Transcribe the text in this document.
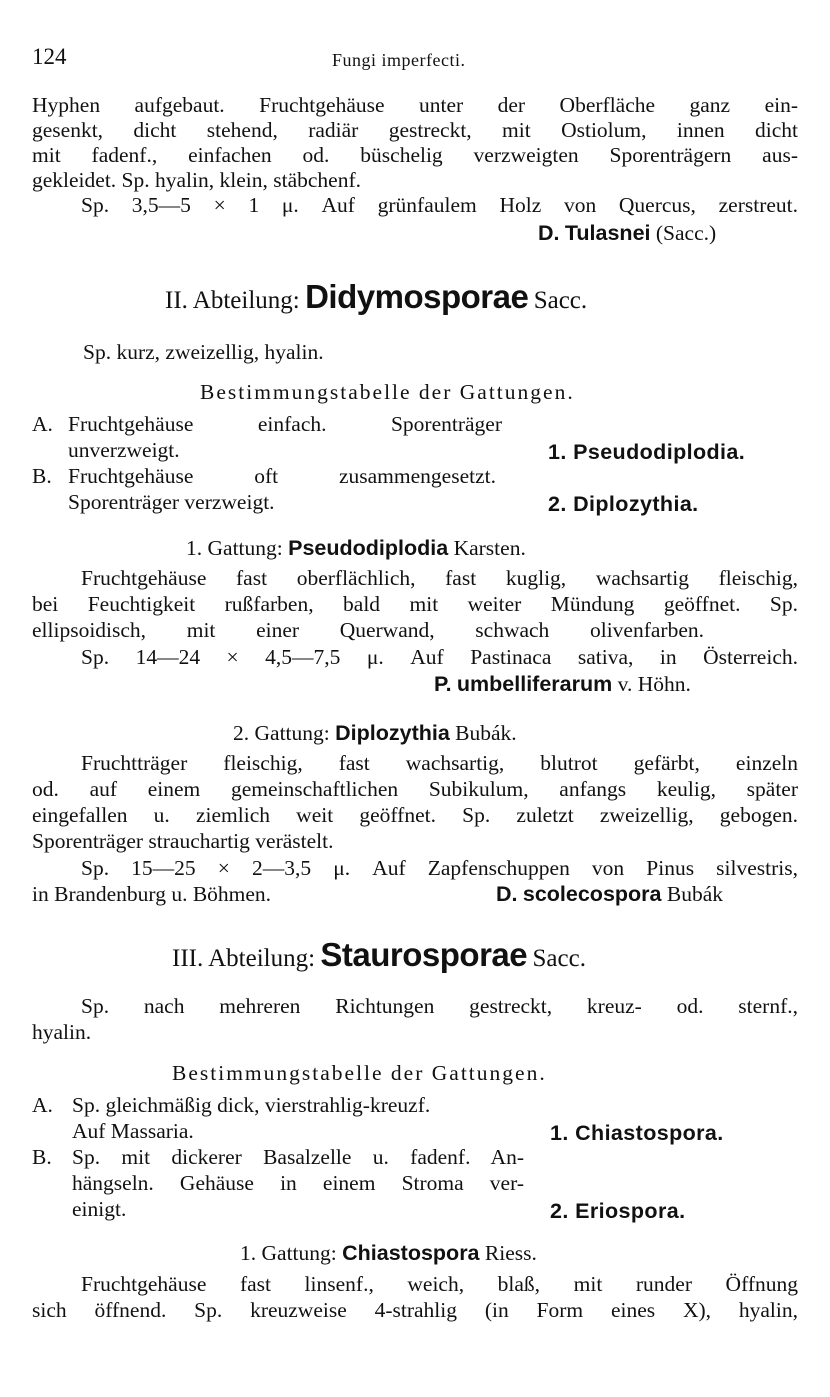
124	Fungi imperfecti.
Hyphen aufgebaut. Fruchtgehäuse unter der Oberfläche ganz ein-
gesenkt, dicht stehend, radiär gestreckt, mit Ostiolum, innen dicht
mit fadenf., einfachen od. büschelig verzweigten Sporenträgern aus-
gekleidet. Sp. hyalin, klein, stäbchenf.
Sp. 3,5—5 × 1 μ. Auf grünfaulem Holz von Quercus, zerstreut.
D. Tulasnei (Sacc.)
II. Abteilung: Didymosporae Sacc.
Sp. kurz, zweizellig, hyalin.
Bestimmungstabelle der Gattungen.
A. Fruchtgehäuse einfach. Sporenträger
unverzweigt.	1. Pseudodiplodia.
B. Fruchtgehäuse oft zusammengesetzt.
Sporenträger verzweigt.	2. Diplozythia.
1. Gattung: Pseudodiplodia Karsten.
Fruchtgehäuse fast oberflächlich, fast kuglig, wachsartig fleischig,
bei Feuchtigkeit rußfarben, bald mit weiter Mündung geöffnet. Sp.
ellipsoidisch, mit einer Querwand, schwach olivenfarben.
Sp. 14—24 × 4,5—7,5 μ. Auf Pastinaca sativa, in Österreich.
P. umbelliferarum v. Höhn.
2. Gattung: Diplozythia Bubák.
Fruchtträger fleischig, fast wachsartig, blutrot gefärbt, einzeln
od. auf einem gemeinschaftlichen Subikulum, anfangs keulig, später
eingefallen u. ziemlich weit geöffnet. Sp. zuletzt zweizellig, gebogen.
Sporenträger strauchartig verästelt.
Sp. 15—25 × 2—3,5 μ. Auf Zapfenschuppen von Pinus silvestris,
in Brandenburg u. Böhmen.	D. scolecospora Bubák
III. Abteilung: Staurosporae Sacc.
Sp. nach mehreren Richtungen gestreckt, kreuz- od. sternf.,
hyalin.
Bestimmungstabelle der Gattungen.
A. Sp. gleichmäßig dick, vierstrahlig-kreuzf.
Auf Massaria.	1. Chiastospora.
B. Sp. mit dickerer Basalzelle u. fadenf. An-
hängseln. Gehäuse in einem Stroma ver-
einigt.	2. Eriospora.
1. Gattung: Chiastospora Riess.
Fruchtgehäuse fast linsenf., weich, blaß, mit runder Öffnung
sich öffnend. Sp. kreuzweise 4-strahlig (in Form eines X), hyalin,
